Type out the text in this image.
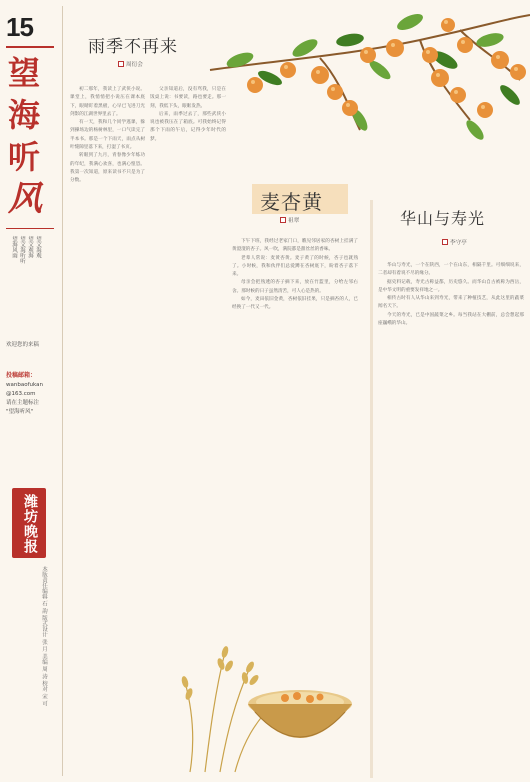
15
望
海
听
风
望文海观
望文观海
望文海听听
望海风雨
欢迎您的来稿
投稿邮箱：
wanbaofukan
@163.com
请在主题标注
"望海听风"
潍坊晚报
本版责任编辑 石 韵 版式设计 张 月 美编 周 涛 校对 宋 可
雨季不再来
周衍会

初二那年，我读上了武侠小说。课堂上，我悄悄把小说压在课本底下，眼睛盯着黑板，心早已飞进刀光剑影的江湖世界里去了。

有一天，我和几个同学逃课，躲到操场边的杨树林里，一口气读完了半本书。那是一个下雨天，雨点从树叶缝隙里落下来，打湿了书页。

转眼到了九月，青春像少年练功的年纪，我满心欢喜，也满心惶恐。我第一次知道，原来读书不只是为了分数。

父亲知道后，没有骂我，只是在饭桌上说：书要读，路也要走。那一刻，我低下头，眼眶发热。

后来，雨季过去了，那些武侠小说也被我压在了箱底。可我始终记得那个下雨的午后，记得少年时代的梦。

麦杏黄
祖翠

下午下班，我经过老家门口，瞧见邻居家的杏树上挂满了黄澄澄的杏子。风一吹，满院都是甜丝丝的香味。

老辈人常说：麦黄杏黄。麦子黄了的时候，杏子也就熟了。小时候，我和伙伴们总爱蹲在杏树底下，盼着杏子落下来。

母亲会把熟透的杏子摘下来，放在竹篮里，分给左邻右舍。那时候的日子虽然清苦，可人心是热的。

如今，麦田依旧金黄，杏树依旧挂果，只是摘杏的人，已经换了一代又一代。

华山与寿光
李守亭

华山与寿光，一个在陕西，一个在山东，相隔千里。可细细说来，二者却有着说不尽的缘分。

据史料记载，寿光古称益都，历史悠久。而华山自古被称为西岳，是中华文明的重要发祥地之一。

相传古时有人从华山来到寿光，带来了种植技艺，从此这里的蔬菜闻名天下。

今天的寿光，已是中国蔬菜之乡。每当我站在大棚前，总会想起那座巍峨的华山。
